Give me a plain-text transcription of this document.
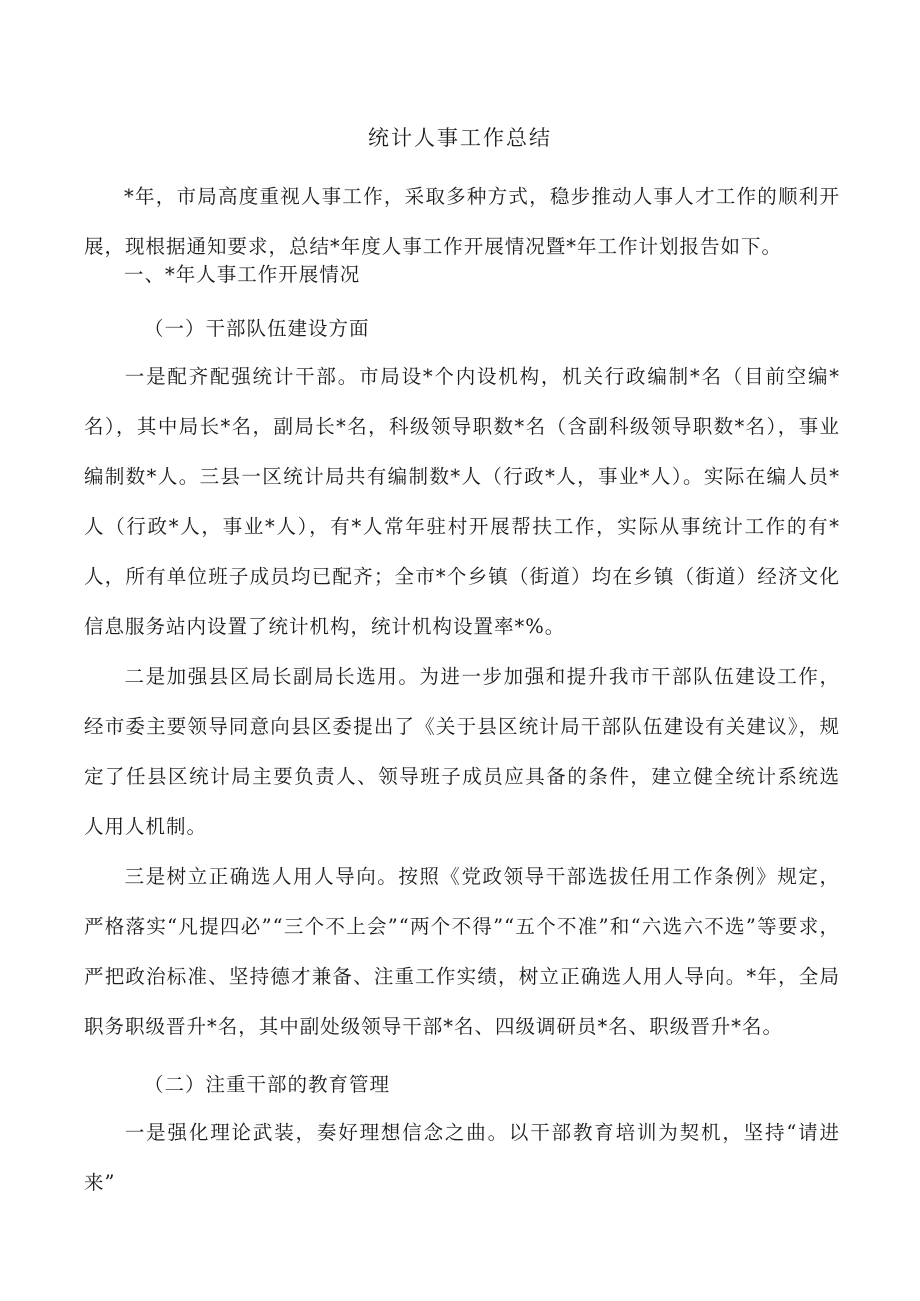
统计人事工作总结
*年，市局高度重视人事工作，采取多种方式，稳步推动人事人才工作的顺利开展，现根据通知要求，总结*年度人事工作开展情况暨*年工作计划报告如下。
一、*年人事工作开展情况
（一）干部队伍建设方面
一是配齐配强统计干部。市局设*个内设机构，机关行政编制*名（目前空编*名），其中局长*名，副局长*名，科级领导职数*名（含副科级领导职数*名），事业编制数*人。三县一区统计局共有编制数*人（行政*人，事业*人）。实际在编人员*人（行政*人，事业*人），有*人常年驻村开展帮扶工作，实际从事统计工作的有*人，所有单位班子成员均已配齐；全市*个乡镇（街道）均在乡镇（街道）经济文化信息服务站内设置了统计机构，统计机构设置率*%。
二是加强县区局长副局长选用。为进一步加强和提升我市干部队伍建设工作，经市委主要领导同意向县区委提出了《关于县区统计局干部队伍建设有关建议》，规定了任县区统计局主要负责人、领导班子成员应具备的条件，建立健全统计系统选人用人机制。
三是树立正确选人用人导向。按照《党政领导干部选拔任用工作条例》规定，严格落实“凡提四必”“三个不上会”“两个不得”“五个不准”和“六选六不选”等要求，严把政治标准、坚持德才兼备、注重工作实绩，树立正确选人用人导向。*年，全局职务职级晋升*名，其中副处级领导干部*名、四级调研员*名、职级晋升*名。
（二）注重干部的教育管理
一是强化理论武装，奏好理想信念之曲。以干部教育培训为契机，坚持“请进来”
